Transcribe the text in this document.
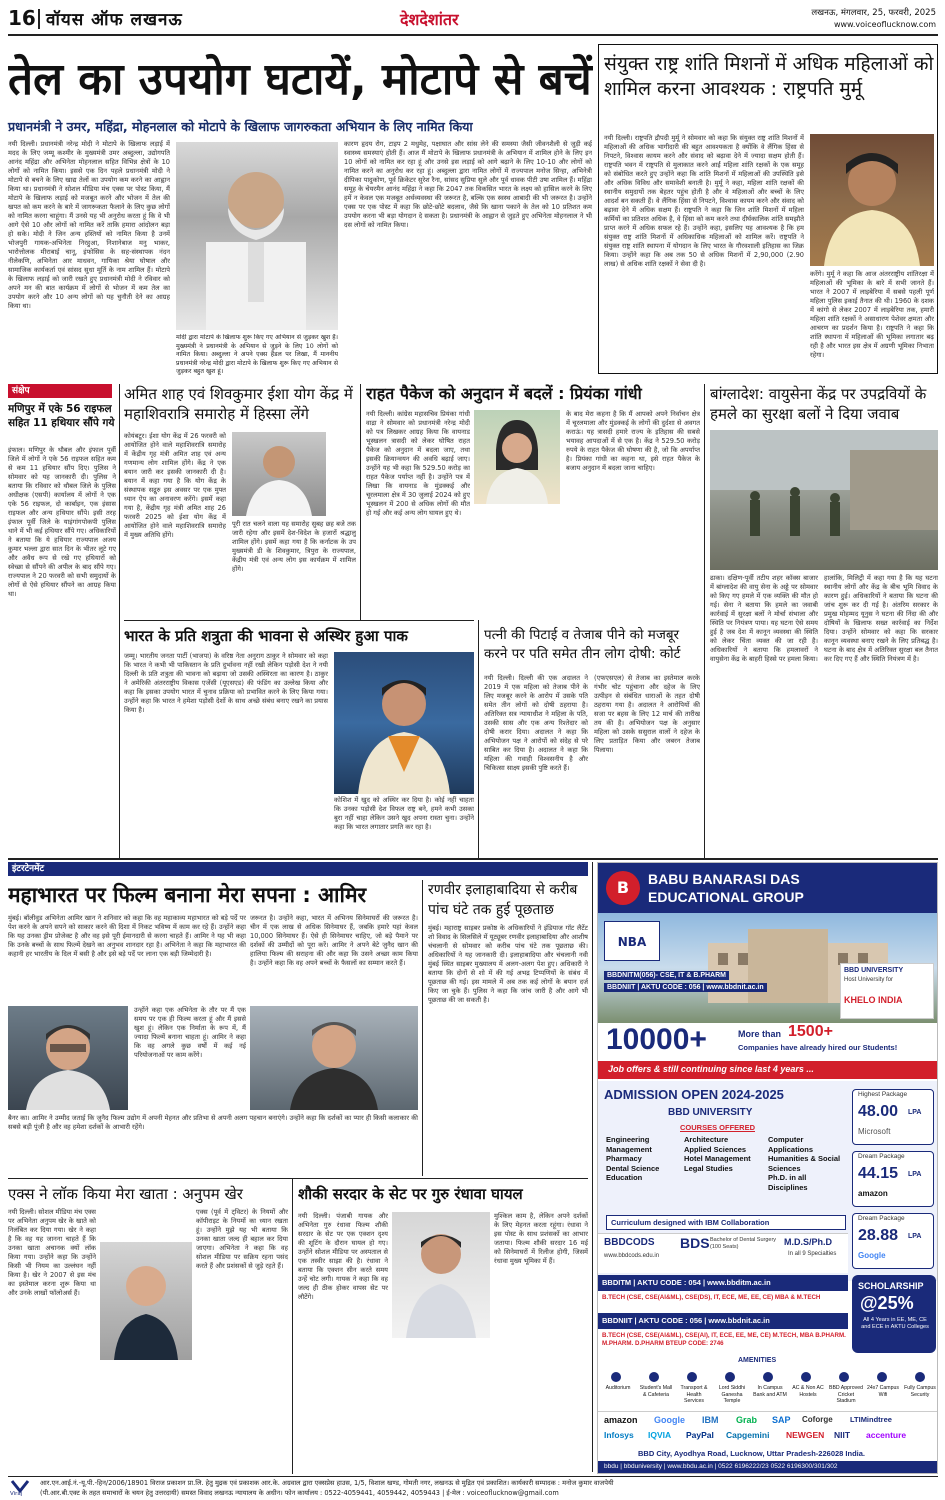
16 वॉयस ऑफ लखनऊ	देशदेशांतर	लखनऊ, मंगलवार, 25, फरवरी, 2025
www.voiceoflucknow.com
तेल का उपयोग घटायें, मोटापे से बचें
प्रधानमंत्री ने उमर, महिंद्रा, मोहनलाल को मोटापे के खिलाफ जागरुकता अभियान के लिए नामित किया
नयी दिल्ली। प्रधानमंत्री नरेन्द्र मोदी ने मोटापे के खिलाफ लड़ाई में मदद के लिए जम्मू कश्मीर के मुख्यमंत्री उमर अब्दुल्ला, उद्योगपति आनंद महिंद्रा और अभिनेता मोहनलाल सहित विभिन्न क्षेत्रों के 10 लोगों को नामित किया। इससे एक दिन पहले प्रधानमंत्री मोदी ने मोटापे से बचने के लिए खाद्य तेलों का उपयोग कम करने का आह्वान किया था। प्रधानमंत्री ने सोशल मीडिया मंच एक्स पर पोस्ट किया, मैं मोटापे के खिलाफ लड़ाई को मजबूत करने और भोजन में तेल की खपत को कम करने के बारे में जागरूकता फैलाने के लिए कुछ लोगों को नामित करना चाहूंगा। मैं उनसे यह भी अनुरोध करता हूं कि वे भी आगे ऐसे 10 और लोगों को नामित करें ताकि हमारा आंदोलन बड़ा हो सके। मोदी ने जिन अन्य हस्तियों को नामित किया है उनमें भोजपुरी गायक-अभिनेता निरहुआ, निशानेबाज मनु भाकर, भारोत्तोलक मीराबाई चानू, इंफोसिस के सह-संस्थापक नंदन नीलेकणि, अभिनेता आर माधवन, गायिका श्रेया घोषाल और सामाजिक कार्यकर्ता एवं सांसद सुधा मूर्ति के नाम शामिल हैं। मोटापे के खिलाफ लड़ाई को जारी रखते हुए प्रधानमंत्री मोदी ने रविवार को अपने मन की बात कार्यक्रम में लोगों से भोजन में कम तेल का उपयोग करने और 10 अन्य लोगों को यह चुनौती देने का आग्रह किया था।
मोदी द्वारा मोटापे के खिलाफ शुरू किए गए अभियान से जुड़कर खुश हैं। मुख्यमंत्री ने प्रधानमंत्री के अभियान से जुड़ने के लिए 10 लोगों को नामित किया। अब्दुल्ला ने अपने एक्स हैंडल पर लिखा, मैं माननीय प्रधानमंत्री नरेन्द्र मोदी द्वारा मोटापे के खिलाफ शुरू किए गए अभियान से जुड़कर बहुत खुश हूं।
कारण हृदय रोग, टाइप 2 मधुमेह, पक्षाघात और सांस लेने की समस्या जैसी जीवनशैली से जुड़ी कई स्वास्थ्य समस्याएं होती हैं। आज मैं मोटापे के खिलाफ प्रधानमंत्री के अभियान में शामिल होने के लिए इन 10 लोगों को नामित कर रहा हूं और उनसे इस लड़ाई को आगे बढ़ाने के लिए 10-10 और लोगों को नामित करने का अनुरोध कर रहा हूं। अब्दुल्ला द्वारा नामित लोगों में राज्यपाल मनोज सिन्हा, अभिनेत्री दीपिका पादुकोण, पूर्व क्रिकेटर सुरेश रैना, सांसद सुप्रिया सुले और पूर्व धावक पीटी उषा शामिल हैं। महिंद्रा समूह के चेयरमैन आनंद महिंद्रा ने कहा कि 2047 तक विकसित भारत के लक्ष्य को हासिल करने के लिए हमें न केवल एक मजबूत अर्थव्यवस्था की जरूरत है, बल्कि एक स्वस्थ आबादी की भी जरूरत है। उन्होंने एक्स पर एक पोस्ट में कहा कि छोटे-छोटे बदलाव, जैसे कि खाना पकाने के तेल को 10 प्रतिशत कम उपयोग करना भी बड़ा योगदान दे सकता है। प्रधानमंत्री के आह्वान से जुड़ते हुए अभिनेता मोहनलाल ने भी दस लोगों को नामित किया।
संयुक्त राष्ट्र शांति मिशनों में अधिक महिलाओं को शामिल करना आवश्यक : राष्ट्रपति मुर्मू
नयी दिल्ली। राष्ट्रपति द्रौपदी मुर्मू ने सोमवार को कहा कि संयुक्त राष्ट्र शांति मिशनों में महिलाओं की अधिक भागीदारी की बहुत आवश्यकता है क्योंकि वे लैंगिक हिंसा से निपटने, विश्वास कायम करने और संवाद को बढ़ावा देने में ज्यादा सक्षम होती हैं। राष्ट्रपति भवन में राष्ट्रपति से मुलाकात करने आईं महिला शांति रक्षकों के एक समूह को संबोधित करते हुए उन्होंने कहा कि शांति मिशनों में महिलाओं की उपस्थिति इसे और अधिक विविध और समावेशी बनाती है। मुर्मू ने कहा, महिला शांति रक्षकों की स्थानीय समुदायों तक बेहतर पहुंच होती है और वे महिलाओं और बच्चों के लिए आदर्श बन सकती हैं। वे लैंगिक हिंसा से निपटने, विश्वास कायम करने और संवाद को बढ़ावा देने में अधिक सक्षम हैं। राष्ट्रपति ने कहा कि जिन शांति मिशनों में महिला कर्मियों का प्रतिशत अधिक है, वे हिंसा को कम करने तथा दीर्घकालिक शांति समझौते प्राप्त करने में अधिक सफल रहे हैं। उन्होंने कहा, इसलिए यह आवश्यक है कि हम संयुक्त राष्ट्र शांति मिशनों में अधिकाधिक महिलाओं को शामिल करें। राष्ट्रपति ने संयुक्त राष्ट्र शांति स्थापना में योगदान के लिए भारत के गौरवशाली इतिहास का जिक्र किया। उन्होंने कहा कि अब तक 50 से अधिक मिशनों में 2,90,000 (2.90 लाख) से अधिक शांति रक्षकों ने सेवा दी है।
करेंगे। मुर्मू ने कहा कि आज अंतरराष्ट्रीय शांतिरक्षा में महिलाओं की भूमिका के बारे में सभी जानते हैं। भारत ने 2007 में लाइबेरिया में सबसे पहली पूर्ण महिला पुलिस इकाई तैनात की थी। 1960 के दशक में कांगो से लेकर 2007 में लाइबेरिया तक, हमारी महिला शांति रक्षकों ने असाधारण पेशेवर क्षमता और आचरण का प्रदर्शन किया है। राष्ट्रपति ने कहा कि शांति स्थापना में महिलाओं की भूमिका लगातार बढ़ रही है और भारत इस क्षेत्र में अग्रणी भूमिका निभाता रहेगा।
संक्षेप
मणिपुर में एके 56 राइफल सहित 11 हथियार सौंपे गये
इंफाल। मणिपुर के थौबल और इंफाल पूर्वी जिले में लोगों ने एके 56 राइफल सहित कम से कम 11 हथियार सौंप दिए। पुलिस ने सोमवार को यह जानकारी दी। पुलिस ने बताया कि रविवार को थौबल जिले के पुलिस अधीक्षक (एसपी) कार्यालय में लोगों ने एक एके 56 राइफल, दो कार्बाइन, एक इंसास राइफल और अन्य हथियार सौंपे। इसी तरह इंफाल पूर्वी जिले के याइंगांगपोकपी पुलिस थाने में भी कई हथियार सौंपे गए। अधिकारियों ने बताया कि ये हथियार राज्यपाल अजय कुमार भल्ला द्वारा सात दिन के भीतर लूटे गए और अवैध रूप से रखे गए हथियारों को स्वेच्छा से सौंपने की अपील के बाद सौंपे गए। राज्यपाल ने 20 फरवरी को सभी समुदायों के लोगों से ऐसे हथियार सौंपने का आग्रह किया था।
अमित शाह एवं शिवकुमार ईशा योग केंद्र में महाशिवरात्रि समारोह में हिस्सा लेंगे
कोयंबटूर। ईशा योग केंद्र में 26 फरवरी को आयोजित होने वाले महाशिवरात्रि समारोह में केंद्रीय गृह मंत्री अमित शाह एवं अन्य गणमान्य लोग शामिल होंगे। केंद्र ने एक बयान जारी कर इसकी जानकारी दी है। बयान में कहा गया है कि योग केंद्र के संस्थापक सद्गुरु इस अवसर पर एक मुफ्त ध्यान ऐप का अनावरण करेंगे। इसमें कहा गया है, केंद्रीय गृह मंत्री अमित शाह 26 फरवरी 2025 को ईशा योग केंद्र में आयोजित होने वाले महाशिवरात्रि समारोह में मुख्य अतिथि होंगे।
पूरी रात चलने वाला यह समारोह सुबह छह बजे तक जारी रहेगा और इसमें देश-विदेश के हजारों श्रद्धालु शामिल होंगे। इसमें कहा गया है कि कर्नाटक के उप मुख्यमंत्री डी के शिवकुमार, त्रिपुरा के राज्यपाल, केंद्रीय मंत्री एवं अन्य लोग इस कार्यक्रम में शामिल होंगे।
राहत पैकेज को अनुदान में बदलें : प्रियंका गांधी
नयी दिल्ली। कांग्रेस महासचिव प्रियंका गांधी वाद्रा ने सोमवार को प्रधानमंत्री नरेन्द्र मोदी को पत्र लिखकर आग्रह किया कि वायनाड भूस्खलन त्रासदी को लेकर घोषित राहत पैकेज को अनुदान में बदला जाए, तथा इसकी क्रियान्वयन की अवधि बढ़ाई जाए। उन्होंने यह भी कहा कि 529.50 करोड़ का राहत पैकेज पर्याप्त नहीं है। उन्होंने पत्र में लिखा कि वायनाड के मुंडक्कई और चूरलमाला क्षेत्र में 30 जुलाई 2024 को हुए भूस्खलन में 200 से अधिक लोगों की मौत हो गई और कई अन्य लोग घायल हुए थे।
के बाद मेरा कहना है कि मैं आपको अपने निर्वाचन क्षेत्र में चूरलमाला और मुंडक्कई के लोगों की दुर्दशा से अवगत कराऊं। यह त्रासदी हमारे राज्य के इतिहास की सबसे भयावह आपदाओं में से एक है। केंद्र ने 529.50 करोड़ रुपये के राहत पैकेज की घोषणा की है, जो कि अपर्याप्त है। प्रियंका गांधी का कहना था, इसे राहत पैकेज के बजाय अनुदान में बदला जाना चाहिए।
बांग्लादेश: वायुसेना केंद्र पर उपद्रवियों के हमले का सुरक्षा बलों ने दिया जवाब
ढाका। दक्षिण-पूर्वी तटीय शहर कॉक्स बाजार में बांग्लादेश की वायु सेना के अड्डे पर सोमवार को किए गए हमले में एक व्यक्ति की मौत हो गई। सेना ने बताया कि हमले का जवाबी कार्रवाई में सुरक्षा बलों ने मोर्चा संभाला और स्थिति पर नियंत्रण पाया। यह घटना ऐसे समय हुई है जब देश में कानून व्यवस्था की स्थिति को लेकर चिंता व्यक्त की जा रही है। अधिकारियों ने बताया कि हमलावरों ने वायुसेना केंद्र के बाहरी हिस्से पर हमला किया।
हालांकि, मिलिट्री में कहा गया है कि यह घटना स्थानीय लोगों और केंद्र के बीच भूमि विवाद के कारण हुई। अधिकारियों ने बताया कि घटना की जांच शुरू कर दी गई है। अंतरिम सरकार के प्रमुख मोहम्मद यूनुस ने घटना की निंदा की और दोषियों के खिलाफ सख्त कार्रवाई का निर्देश दिया। उन्होंने सोमवार को कहा कि सरकार कानून व्यवस्था बनाए रखने के लिए प्रतिबद्ध है। घटना के बाद क्षेत्र में अतिरिक्त सुरक्षा बल तैनात कर दिए गए हैं और स्थिति नियंत्रण में है।
भारत के प्रति शत्रुता की भावना से अस्थिर हुआ पाक
जम्मू। भारतीय जनता पार्टी (भाजपा) के वरिष्ठ नेता अनुराग ठाकुर ने सोमवार को कहा कि भारत ने कभी भी पाकिस्तान के प्रति दुर्भावना नहीं रखी लेकिन पड़ोसी देश ने नयी दिल्ली के प्रति शत्रुता की भावना को बढ़ाया जो उसकी अस्थिरता का कारण है। ठाकुर ने अमेरिकी अंतरराष्ट्रीय विकास एजेंसी (यूएसएड) की फंडिंग का उल्लेख किया और कहा कि इसका उपयोग भारत में चुनाव प्रक्रिया को प्रभावित करने के लिए किया गया। उन्होंने कहा कि भारत ने हमेशा पड़ोसी देशों के साथ अच्छे संबंध बनाए रखने का प्रयास किया है।
कोशिश में खुद को अस्थिर कर दिया है। कोई नहीं चाहता कि उनका पड़ोसी देश विफल राष्ट्र बने, हमने कभी उसका बुरा नहीं चाहा लेकिन उसने खुद अपना रास्ता चुना। उन्होंने कहा कि भारत लगातार प्रगति कर रहा है।
पत्नी की पिटाई व तेजाब पीने को मजबूर करने पर पति समेत तीन लोग दोषी: कोर्ट
नयी दिल्ली। दिल्ली की एक अदालत ने 2019 में एक महिला को तेजाब पीने के लिए मजबूर करने के आरोप में उसके पति समेत तीन लोगों को दोषी ठहराया है। अतिरिक्त सत्र न्यायाधीश ने महिला के पति, उसकी सास और एक अन्य रिश्तेदार को दोषी करार दिया। अदालत ने कहा कि अभियोजन पक्ष ने आरोपों को संदेह से परे साबित कर दिया है। अदालत ने कहा कि महिला की गवाही विश्वसनीय है और चिकित्सा साक्ष्य इसकी पुष्टि करते हैं।
(एफएसएल) से तेजाब का इस्तेमाल करके गंभीर चोट पहुंचाना और दहेज के लिए उत्पीड़न से संबंधित धाराओं के तहत दोषी ठहराया गया है। अदालत ने आरोपियों की सजा पर बहस के लिए 12 मार्च की तारीख तय की है। अभियोजन पक्ष के अनुसार महिला को उसके ससुराल वालों ने दहेज के लिए प्रताड़ित किया और जबरन तेजाब पिलाया।
इंटरटेनमेंट
महाभारत पर फिल्म बनाना मेरा सपना : आमिर
मुंबई। बॉलीवुड अभिनेता आमिर खान ने शनिवार को कहा कि वह महाकाव्य महाभारत को बड़े पर्दे पर पेश करने के अपने सपने को साकार करने की दिशा में निकट भविष्य में काम कर रहे हैं। उन्होंने कहा कि यह उनका ड्रीम प्रोजेक्ट है और वह इसे पूरी ईमानदारी से करना चाहते हैं। आमिर ने यह भी कहा कि उनके बच्चों के साथ फिल्में देखने का अनुभव शानदार रहा है। अभिनेता ने कहा कि महाभारत की कहानी हर भारतीय के दिल में बसी है और इसे बड़े पर्दे पर लाना एक बड़ी जिम्मेदारी है।
जरूरत है। उन्होंने कहा, भारत में अभिनय सिनेमाघरों की जरूरत है। चीन में एक लाख से अधिक सिनेमाघर हैं, जबकि हमारे यहां केवल 10,000 सिनेमाघर हैं। ऐसे ही सिनेमाघर चाहिए, जो बड़े पैमाने पर दर्शकों की उम्मीदों को पूरा करें। आमिर ने अपने बेटे जुनैद खान की हालिया फिल्म की सराहना की और कहा कि उसने अच्छा काम किया है। उन्होंने कहा कि वह अपने बच्चों के फैसलों का सम्मान करते हैं।
उन्होंने कहा एक अभिनेता के तौर पर मैं एक समय पर एक ही फिल्म करता हूं और मैं इससे खुश हूं। लेकिन एक निर्माता के रूप में, मैं ज्यादा फिल्में बनाना चाहता हूं। आमिर ने कहा कि वह अगले कुछ वर्षों में कई नई परियोजनाओं पर काम करेंगे।
बैनर का। आमिर ने उम्मीद जताई कि जुनैद फिल्म उद्योग में अपनी मेहनत और प्रतिभा से अपनी अलग पहचान बनाएंगे। उन्होंने कहा कि दर्शकों का प्यार ही किसी कलाकार की सबसे बड़ी पूंजी है और वह हमेशा दर्शकों के आभारी रहेंगे।
रणवीर इलाहाबादिया से करीब पांच घंटे तक हुई पूछताछ
मुंबई। महाराष्ट्र साइबर प्रकोष्ठ के अधिकारियों ने इंडियाज गॉट लैटेंट शो विवाद के सिलसिले में यूट्यूबर रणवीर इलाहाबादिया और आशीष चंचलानी से सोमवार को करीब पांच घंटे तक पूछताछ की। अधिकारियों ने यह जानकारी दी। इलाहाबादिया और चंचलानी नवी मुंबई स्थित साइबर मुख्यालय में अलग-अलग पेश हुए। अधिकारी ने बताया कि दोनों से शो में की गई अभद्र टिप्पणियों के संबंध में पूछताछ की गई। इस मामले में अब तक कई लोगों के बयान दर्ज किए जा चुके हैं। पुलिस ने कहा कि जांच जारी है और आगे भी पूछताछ की जा सकती है।
एक्स ने लॉक किया मेरा खाता : अनुपम खेर
नयी दिल्ली। सोशल मीडिया मंच एक्स पर अभिनेता अनुपम खेर के खाते को निलंबित कर दिया गया। खेर ने कहा है कि वह यह जानना चाहते हैं कि उनका खाता अचानक क्यों लॉक किया गया। उन्होंने कहा कि उन्होंने किसी भी नियम का उल्लंघन नहीं किया है। खेर ने 2007 से इस मंच का इस्तेमाल करना शुरू किया था और उनके लाखों फॉलोअर्स हैं।
एक्स (पूर्व में ट्विटर) के नियमों और कॉपीराइट के नियमों का ध्यान रखता हूं। उन्होंने मुझे यह भी बताया कि उनका खाता जल्द ही बहाल कर दिया जाएगा। अभिनेता ने कहा कि वह सोशल मीडिया पर सक्रिय रहना पसंद करते हैं और प्रशंसकों से जुड़े रहते हैं।
शौकी सरदार के सेट पर गुरु रंधावा घायल
नयी दिल्ली। पंजाबी गायक और अभिनेता गुरु रंधावा फिल्म शौकी सरदार के सेट पर एक एक्शन दृश्य की शूटिंग के दौरान घायल हो गए। उन्होंने सोशल मीडिया पर अस्पताल से एक तस्वीर साझा की है। रंधावा ने बताया कि एक्शन सीन करते समय उन्हें चोट लगी। गायक ने कहा कि वह जल्द ही ठीक होकर वापस सेट पर लौटेंगे।
मुश्किल काम है, लेकिन अपने दर्शकों के लिए मेहनत करता रहूंगा। रंधावा ने इस पोस्ट के साथ प्रशंसकों का आभार जताया। फिल्म शौकी सरदार 16 मई को सिनेमाघरों में रिलीज होगी, जिसमें रंधावा मुख्य भूमिका में हैं।
B	BABU BANARASI DAS
EDUCATIONAL GROUP
NBA
BBDNITM(056)- CSE, IT & B.PHARM
BBDNIIT | AKTU CODE : 056 | www.bbdnit.ac.in
BBD UNIVERSITY
Host University for
KHELO INDIA
10000+	More than 1500+
Companies have already hired our Students!
Job offers & still continuing since last 4 years ...
ADMISSION OPEN 2024-2025
BBD UNIVERSITY
COURSES OFFERED
Engineering
Management
Pharmacy
Dental Science
Education
Architecture
Applied Sciences
Hotel Management
Legal Studies
Computer Applications
Humanities & Social Sciences
Ph.D. in all Disciplines
Curriculum designed with IBM Collaboration
Highest Package
48.00 LPA
Microsoft
Dream Package
44.15 LPA
amazon
Dream Package
28.88 LPA
Google
BBDCODS
www.bbdcods.edu.in
BDS Bachelor of Dental Surgery (100 Seats)	M.D.S/Ph.D
In all 9 Specialties
BBDITM | AKTU CODE : 054 | www.bbditm.ac.in
B.TECH (CSE, CSE(AI&ML), CSE(DS), IT, ECE, ME, EE, CE) MBA & M.TECH
BBDNIIT | AKTU CODE : 056 | www.bbdnit.ac.in
B.TECH (CSE, CSE(AI&ML), CSE(AI), IT, ECE, EE, ME, CE) M.TECH, MBA B.PHARM. M.PHARM. D.PHARM BTEUP CODE: 2746
SCHOLARSHIP
@25%
All 4 Years in EE, ME, CE and ECE in AKTU Colleges
AMENITIES
Auditorium	Student's Mall & Cafeteria
Transport & Health Services
Lord Siddhi Ganesha Temple
In Campus Bank and ATM
AC & Non AC Hostels
BBD Approved Cricket Stadium
24x7 Campus Wifi
Fully Campus Security
amazon Google IBM Grab SAP Coforge LTIMindtree
Infosys IQVIA PayPal Capgemini NEWGEN NIIT accenture
BBD City, Ayodhya Road, Lucknow, Uttar Pradesh-226028 India.
bbdu | bbduniversity | www.bbdu.ac.in | 0522 6196222/23 0522 6196300/301/302
Viraj
आर.एन.आई.नं.-यू.पी.-हिन/2006/18901 विराज प्रकाशन प्रा.लि. हेतु मुद्रक एवं प्रकाशक आर.के. अग्रवाल द्वारा एक्सप्रेस हाउस, 1/5, विशाल खण्ड, गोमती नगर, लखनऊ से मुद्रित एवं प्रकाशित। कार्यकारी सम्पादक : मनोज कुमार वाजपेयी
(पी.आर.बी.एक्ट के तहत समाचारों के चयन हेतु उत्तरदायी) समस्त विवाद लखनऊ न्यायालय के अधीन। फोन कार्यालय : 0522-4059441, 4059442, 4059443 | ई-मेल : voiceoflucknow@gmail.com
